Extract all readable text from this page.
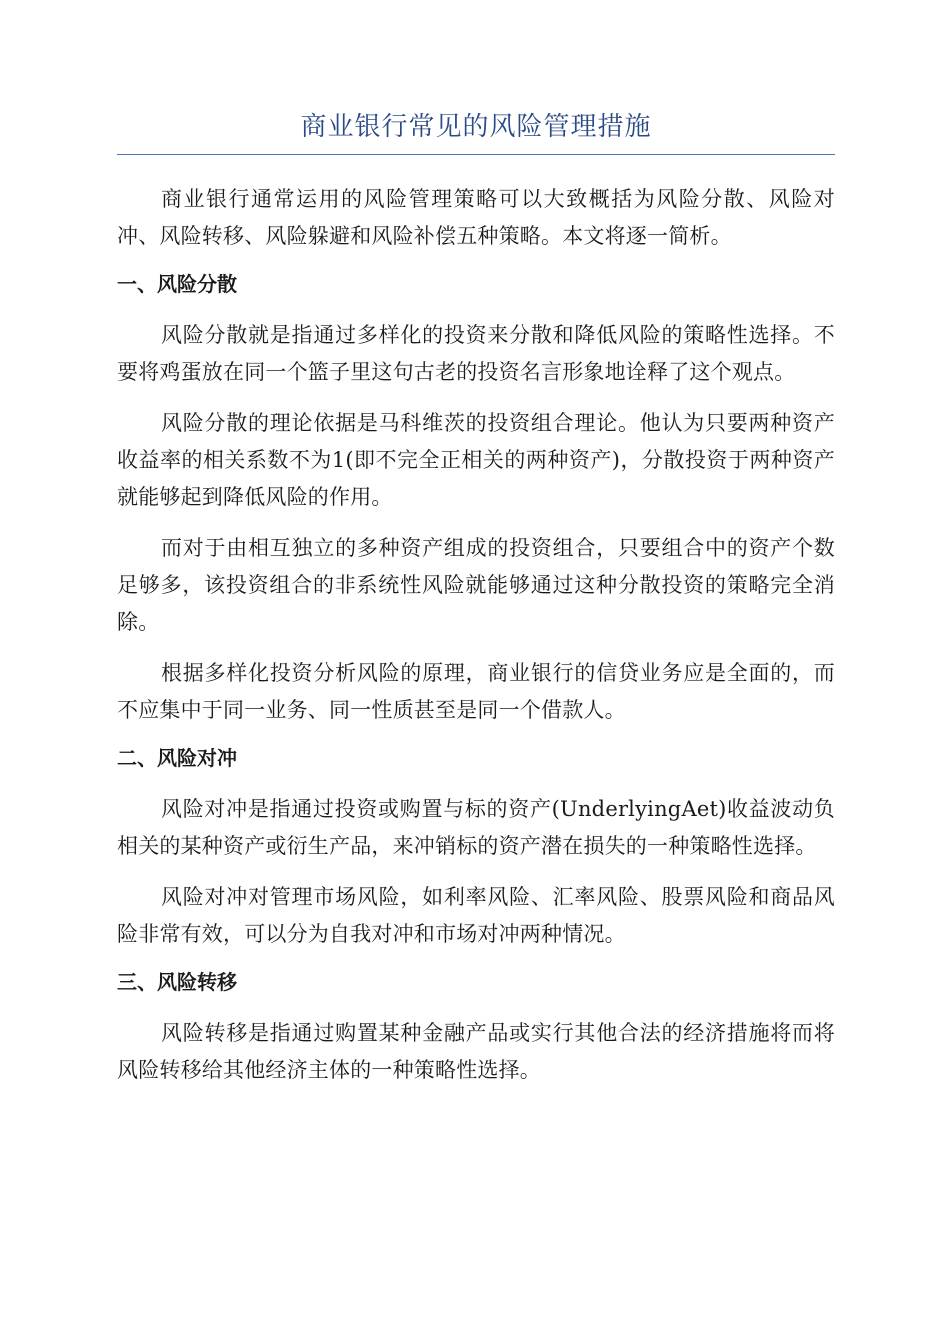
商业银行常见的风险管理措施

商业银行通常运用的风险管理策略可以大致概括为风险分散、风险对冲、风险转移、风险躲避和风险补偿五种策略。本文将逐一简析。

一、风险分散

风险分散就是指通过多样化的投资来分散和降低风险的策略性选择。不要将鸡蛋放在同一个篮子里这句古老的投资名言形象地诠释了这个观点。

风险分散的理论依据是马科维茨的投资组合理论。他认为只要两种资产收益率的相关系数不为1(即不完全正相关的两种资产)，分散投资于两种资产就能够起到降低风险的作用。

而对于由相互独立的多种资产组成的投资组合，只要组合中的资产个数足够多，该投资组合的非系统性风险就能够通过这种分散投资的策略完全消除。

根据多样化投资分析风险的原理，商业银行的信贷业务应是全面的，而不应集中于同一业务、同一性质甚至是同一个借款人。

二、风险对冲

风险对冲是指通过投资或购置与标的资产(UnderlyingAet)收益波动负相关的某种资产或衍生产品，来冲销标的资产潜在损失的一种策略性选择。

风险对冲对管理市场风险，如利率风险、汇率风险、股票风险和商品风险非常有效，可以分为自我对冲和市场对冲两种情况。

三、风险转移

风险转移是指通过购置某种金融产品或实行其他合法的经济措施将而将风险转移给其他经济主体的一种策略性选择。
